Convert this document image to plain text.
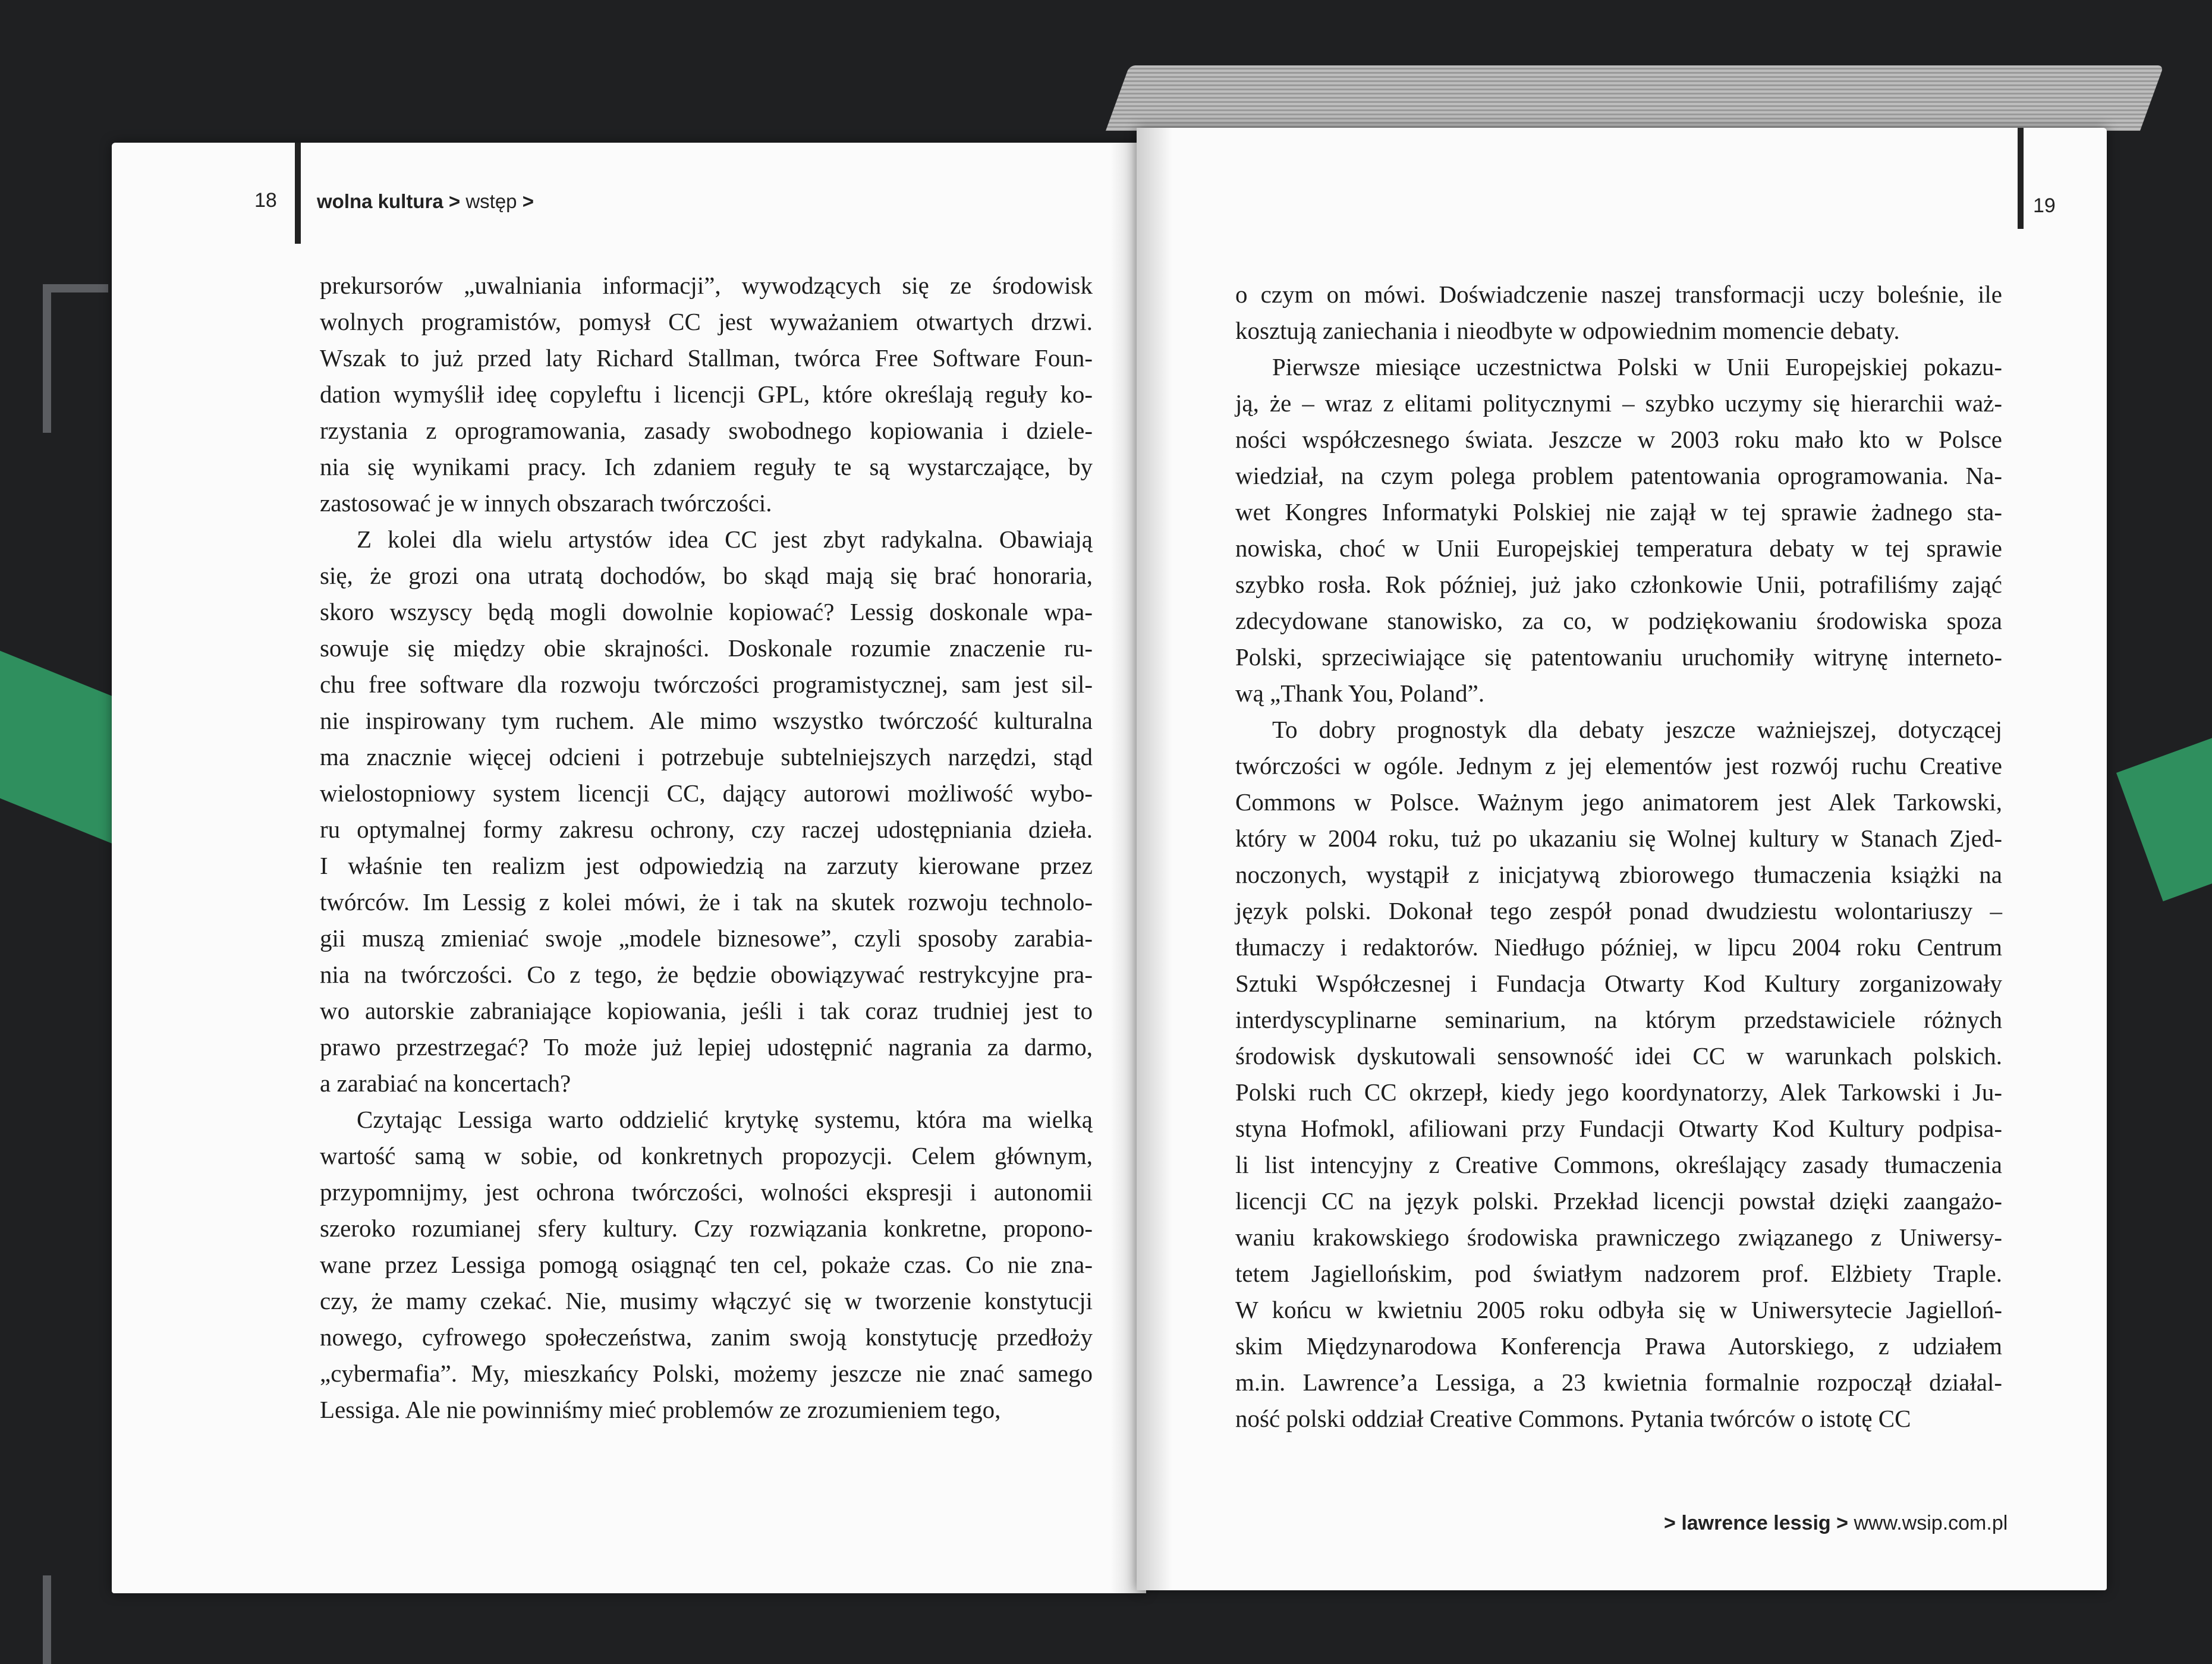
18 wolna kultura > wstęp >

prekursorów „uwalniania informacji”, wywodzących się ze środowisk

wolnych programistów, pomysł CC jest wyważaniem otwartych drzwi.

Wszak to już przed laty Richard Stallman, twórca Free Software Foun-

dation wymyślił ideę copyleftu i licencji GPL, które określają reguły ko-

rzystania z oprogramowania, zasady swobodnego kopiowania i dziele-

nia się wynikami pracy. Ich zdaniem reguły te są wystarczające, by

zastosować je w innych obszarach twórczości.

Z kolei dla wielu artystów idea CC jest zbyt radykalna. Obawiają

się, że grozi ona utratą dochodów, bo skąd mają się brać honoraria,

skoro wszyscy będą mogli dowolnie kopiować? Lessig doskonale wpa-

sowuje się między obie skrajności. Doskonale rozumie znaczenie ru-

chu free software dla rozwoju twórczości programistycznej, sam jest sil-

nie inspirowany tym ruchem. Ale mimo wszystko twórczość kulturalna

ma znacznie więcej odcieni i potrzebuje subtelniejszych narzędzi, stąd

wielostopniowy system licencji CC, dający autorowi możliwość wybo-

ru optymalnej formy zakresu ochrony, czy raczej udostępniania dzieła.

I właśnie ten realizm jest odpowiedzią na zarzuty kierowane przez

twórców. Im Lessig z kolei mówi, że i tak na skutek rozwoju technolo-

gii muszą zmieniać swoje „modele biznesowe”, czyli sposoby zarabia-

nia na twórczości. Co z tego, że będzie obowiązywać restrykcyjne pra-

wo autorskie zabraniające kopiowania, jeśli i tak coraz trudniej jest to

prawo przestrzegać? To może już lepiej udostępnić nagrania za darmo,

a zarabiać na koncertach?

Czytając Lessiga warto oddzielić krytykę systemu, która ma wielką

wartość samą w sobie, od konkretnych propozycji. Celem głównym,

przypomnijmy, jest ochrona twórczości, wolności ekspresji i autonomii

szeroko rozumianej sfery kultury. Czy rozwiązania konkretne, propono-

wane przez Lessiga pomogą osiągnąć ten cel, pokaże czas. Co nie zna-

czy, że mamy czekać. Nie, musimy włączyć się w tworzenie konstytucji

nowego, cyfrowego społeczeństwa, zanim swoją konstytucję przedłoży

„cybermafia”. My, mieszkańcy Polski, możemy jeszcze nie znać samego

Lessiga. Ale nie powinniśmy mieć problemów ze zrozumieniem tego,

19

o czym on mówi. Doświadczenie naszej transformacji uczy boleśnie, ile

kosztują zaniechania i nieodbyte w odpowiednim momencie debaty.

Pierwsze miesiące uczestnictwa Polski w Unii Europejskiej pokazu-

ją, że – wraz z elitami politycznymi – szybko uczymy się hierarchii waż-

ności współczesnego świata. Jeszcze w 2003 roku mało kto w Polsce

wiedział, na czym polega problem patentowania oprogramowania. Na-

wet Kongres Informatyki Polskiej nie zajął w tej sprawie żadnego sta-

nowiska, choć w Unii Europejskiej temperatura debaty w tej sprawie

szybko rosła. Rok później, już jako członkowie Unii, potrafiliśmy zająć

zdecydowane stanowisko, za co, w podziękowaniu środowiska spoza

Polski, sprzeciwiające się patentowaniu uruchomiły witrynę interneto-

wą „Thank You, Poland”.

To dobry prognostyk dla debaty jeszcze ważniejszej, dotyczącej

twórczości w ogóle. Jednym z jej elementów jest rozwój ruchu Creative

Commons w Polsce. Ważnym jego animatorem jest Alek Tarkowski,

który w 2004 roku, tuż po ukazaniu się Wolnej kultury w Stanach Zjed-

noczonych, wystąpił z inicjatywą zbiorowego tłumaczenia książki na

język polski. Dokonał tego zespół ponad dwudziestu wolontariuszy –

tłumaczy i redaktorów. Niedługo później, w lipcu 2004 roku Centrum

Sztuki Współczesnej i Fundacja Otwarty Kod Kultury zorganizowały

interdyscyplinarne seminarium, na którym przedstawiciele różnych

środowisk dyskutowali sensowność idei CC w warunkach polskich.

Polski ruch CC okrzepł, kiedy jego koordynatorzy, Alek Tarkowski i Ju-

styna Hofmokl, afiliowani przy Fundacji Otwarty Kod Kultury podpisa-

li list intencyjny z Creative Commons, określający zasady tłumaczenia

licencji CC na język polski. Przekład licencji powstał dzięki zaangażo-

waniu krakowskiego środowiska prawniczego związanego z Uniwersy-

tetem Jagiellońskim, pod światłym nadzorem prof. Elżbiety Traple.

W końcu w kwietniu 2005 roku odbyła się w Uniwersytecie Jagielloń-

skim Międzynarodowa Konferencja Prawa Autorskiego, z udziałem

m.in. Lawrence’a Lessiga, a 23 kwietnia formalnie rozpoczął działal-

ność polski oddział Creative Commons. Pytania twórców o istotę CC

> lawrence lessig > www.wsip.com.pl
